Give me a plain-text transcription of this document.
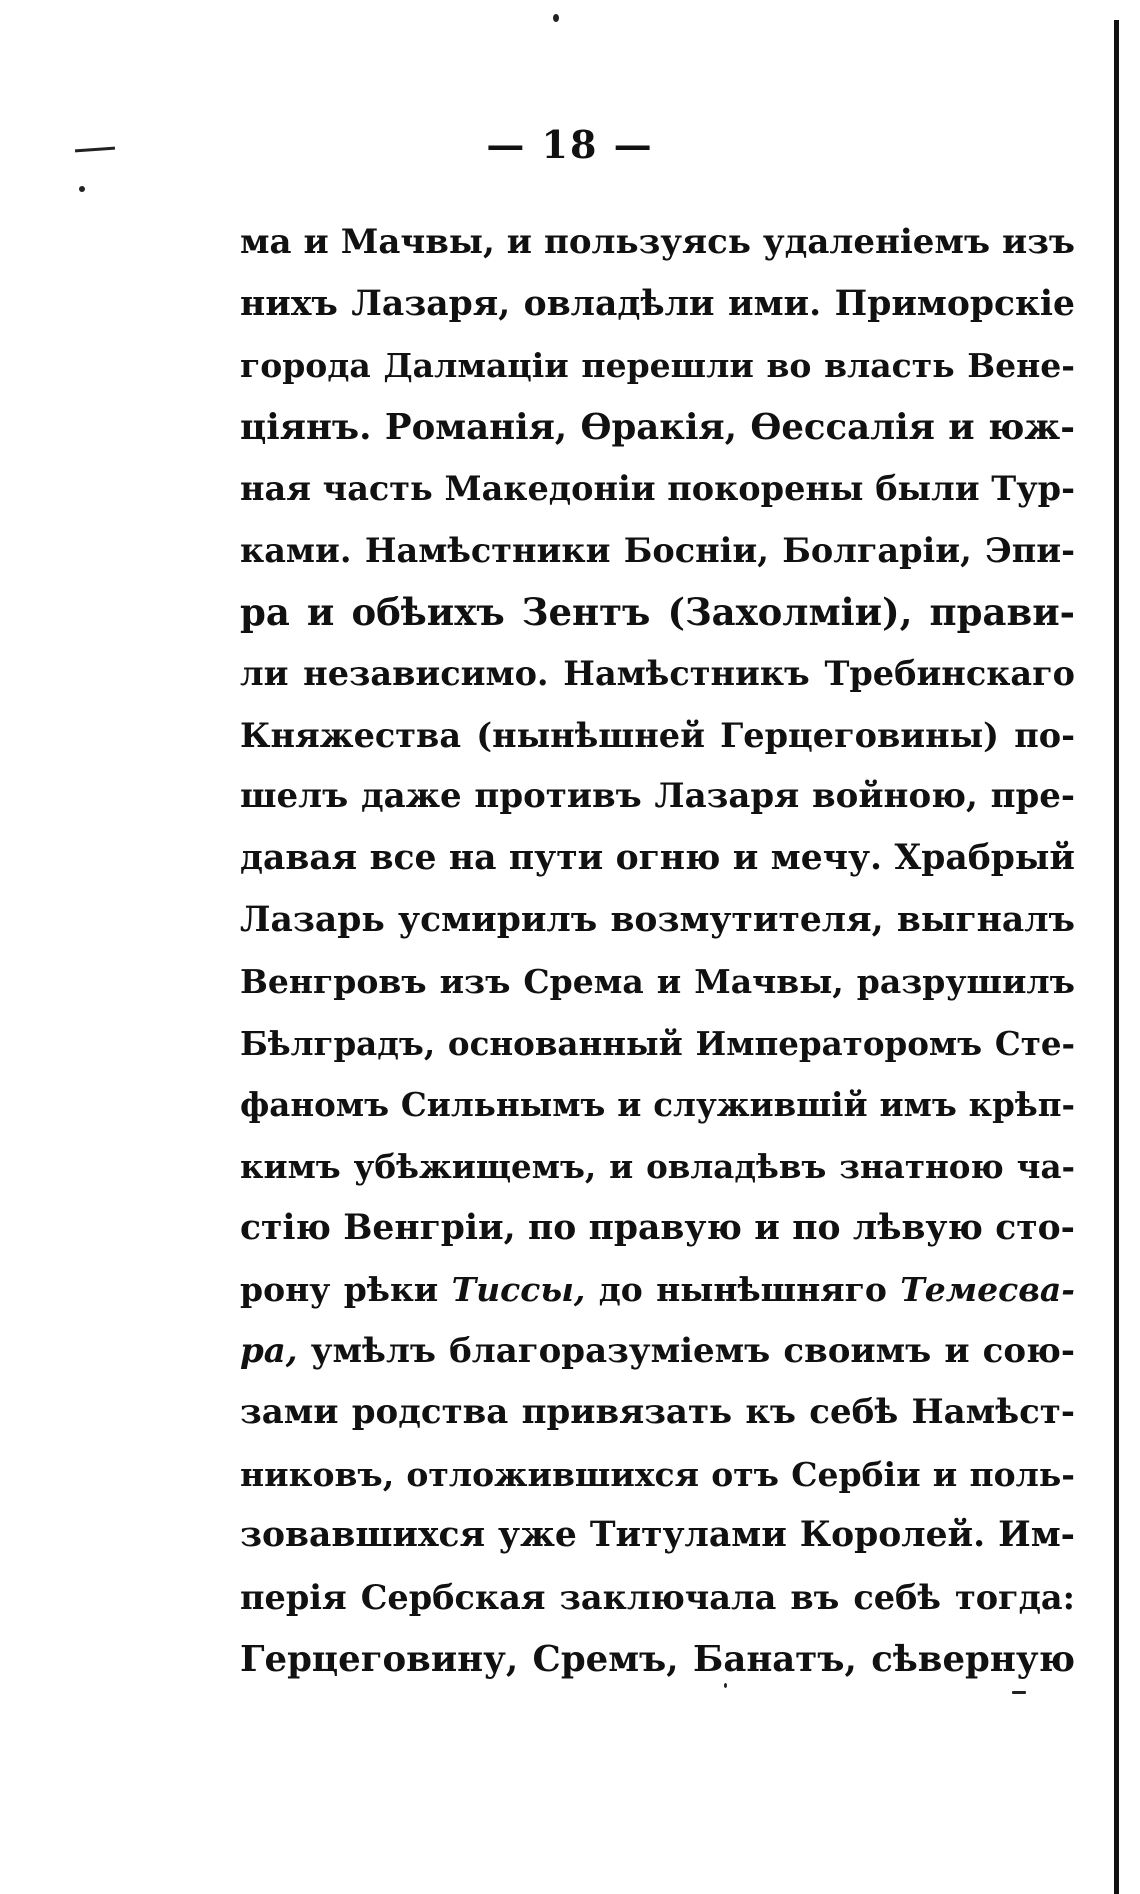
— 18 —
ма и Мачвы, и пользуясь удаленіемъ изъ
нихъ Лазаря, овладѣли ими. Приморскіе
города Далмаціи перешли во власть Вене-
ціянъ. Романія, Өракія, Өессалія и юж-
ная часть Македоніи покорены были Тур-
ками. Намѣстники Босніи, Болгаріи, Эпи-
ра и обѣихъ Зентъ (Захолміи), прави-
ли независимо. Намѣстникъ Требинскаго
Княжества (нынѣшней Герцеговины) по-
шелъ даже противъ Лазаря войною, пре-
давая все на пути огню и мечу. Храбрый
Лазарь усмирилъ возмутителя, выгналъ
Венгровъ изъ Срема и Мачвы, разрушилъ
Бѣлградъ, основанный Императоромъ Сте-
фаномъ Сильнымъ и служившій имъ крѣп-
кимъ убѣжищемъ, и овладѣвъ знатною ча-
стію Венгріи, по правую и по лѣвую сто-
рону рѣки Тиссы, до нынѣшняго Темесва-
ра, умѣлъ благоразуміемъ своимъ и сою-
зами родства привязать къ себѣ Намѣст-
никовъ, отложившихся отъ Сербіи и поль-
зовавшихся уже Титулами Королей. Им-
перія Сербская заключала въ себѣ тогда:
Герцеговину, Сремъ, Банатъ, сѣверную
